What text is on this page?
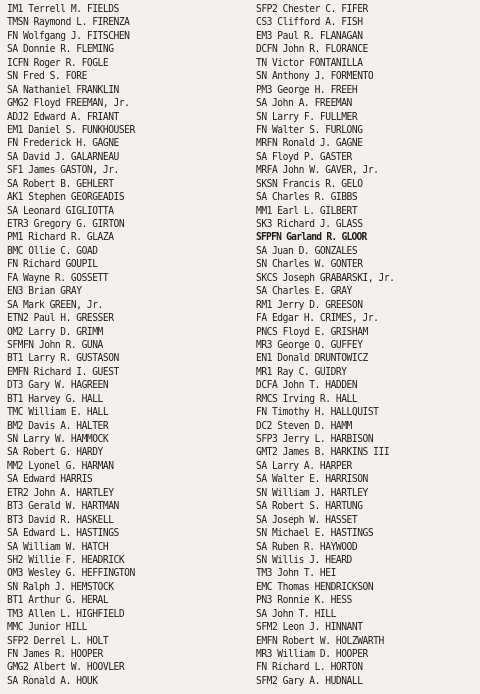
IM1 Terrell M. FIELDS
TMSN Raymond L. FIRENZA
FN Wolfgang J. FITSCHEN
SA Donnie R. FLEMING
ICFN Roger R. FOGLE
SN Fred S. FORE
SA Nathaniel FRANKLIN
GMG2 Floyd FREEMAN, Jr.
ADJ2 Edward A. FRIANT
EM1 Daniel S. FUNKHOUSER
FN Frederick H. GAGNE
SA David J. GALARNEAU
SF1 James GASTON, Jr.
SA Robert B. GEHLERT
AK1 Stephen GEORGEADIS
SA Leonard GIGLIOTTA
ETR3 Gregory G. GIRTON
PM1 Richard R. GLAZA
BMC Ollie C. GOAD
FN Richard GOUPIL
FA Wayne R. GOSSETT
EN3 Brian GRAY
SA Mark GREEN, Jr.
ETN2 Paul H. GRESSER
OM2 Larry D. GRIMM
SFMFN John R. GUNA
BT1 Larry R. GUSTASON
EMFN Richard I. GUEST
DT3 Gary W. HAGREEN
BT1 Harvey G. HALL
TMC William E. HALL
BM2 Davis A. HALTER
SN Larry W. HAMMOCK
SA Robert G. HARDY
MM2 Lyonel G. HARMAN
SA Edward HARRIS
ETR2 John A. HARTLEY
BT3 Gerald W. HARTMAN
BT3 David R. HASKELL
SA Edward L. HASTINGS
SA William W. HATCH
SH2 Willie F. HEADRICK
OM3 Wesley G. HEFFINGTON
SN Ralph J. HEMSTOCK
BT1 Arthur G. HERAL
TM3 Allen L. HIGHFIELD
MMC Junior HILL
SFP2 Derrel L. HOLT
FN James R. HOOPER
GMG2 Albert W. HOOVLER
SA Ronald A. HOUK
SFP2 Chester C. FIFER
CS3 Clifford A. FISH
EM3 Paul R. FLANAGAN
DCFN John R. FLORANCE
TN Victor FONTANILLA
SN Anthony J. FORMENTO
PM3 George H. FREEH
SA John A. FREEMAN
SN Larry F. FULLMER
FN Walter S. FURLONG
MRFN Ronald J. GAGNE
SA Floyd P. GASTER
MRFA John W. GAVER, Jr.
SKSN Francis R. GELO
SA Charles R. GIBBS
MM1 Earl L. GILBERT
SK3 Richard J. GLASS
SFPFN Garland R. GLOOR
SA Juan D. GONZALES
SN Charles W. GONTER
SKCS Joseph GRABARSKI, Jr.
SA Charles E. GRAY
RM1 Jerry D. GREESON
FA Edgar H. CRIMES, Jr.
PNCS Floyd E. GRISHAM
MR3 George O. GUFFEY
EN1 Donald DRUNTOWICZ
MR1 Ray C. GUIDRY
DCFA John T. HADDEN
RMCS Irving R. HALL
FN Timothy H. HALLQUIST
DC2 Steven D. HAMM
SFP3 Jerry L. HARBISON
GMT2 James B. HARKINS III
SA Larry A. HARPER
SA Walter E. HARRISON
SN William J. HARTLEY
SA Robert S. HARTUNG
SA Joseph W. HASSET
SN Michael E. HASTINGS
SA Ruben R. HAYWOOD
SN Willis J. HEARD
TM3 John T. HEI
EMC Thomas HENDRICKSON
PN3 Ronnie K. HESS
SA John T. HILL
SFM2 Leon J. HINNANT
EMFN Robert W. HOLZWARTH
MR3 William D. HOOPER
FN Richard L. HORTON
SFM2 Gary A. HUDNALL
